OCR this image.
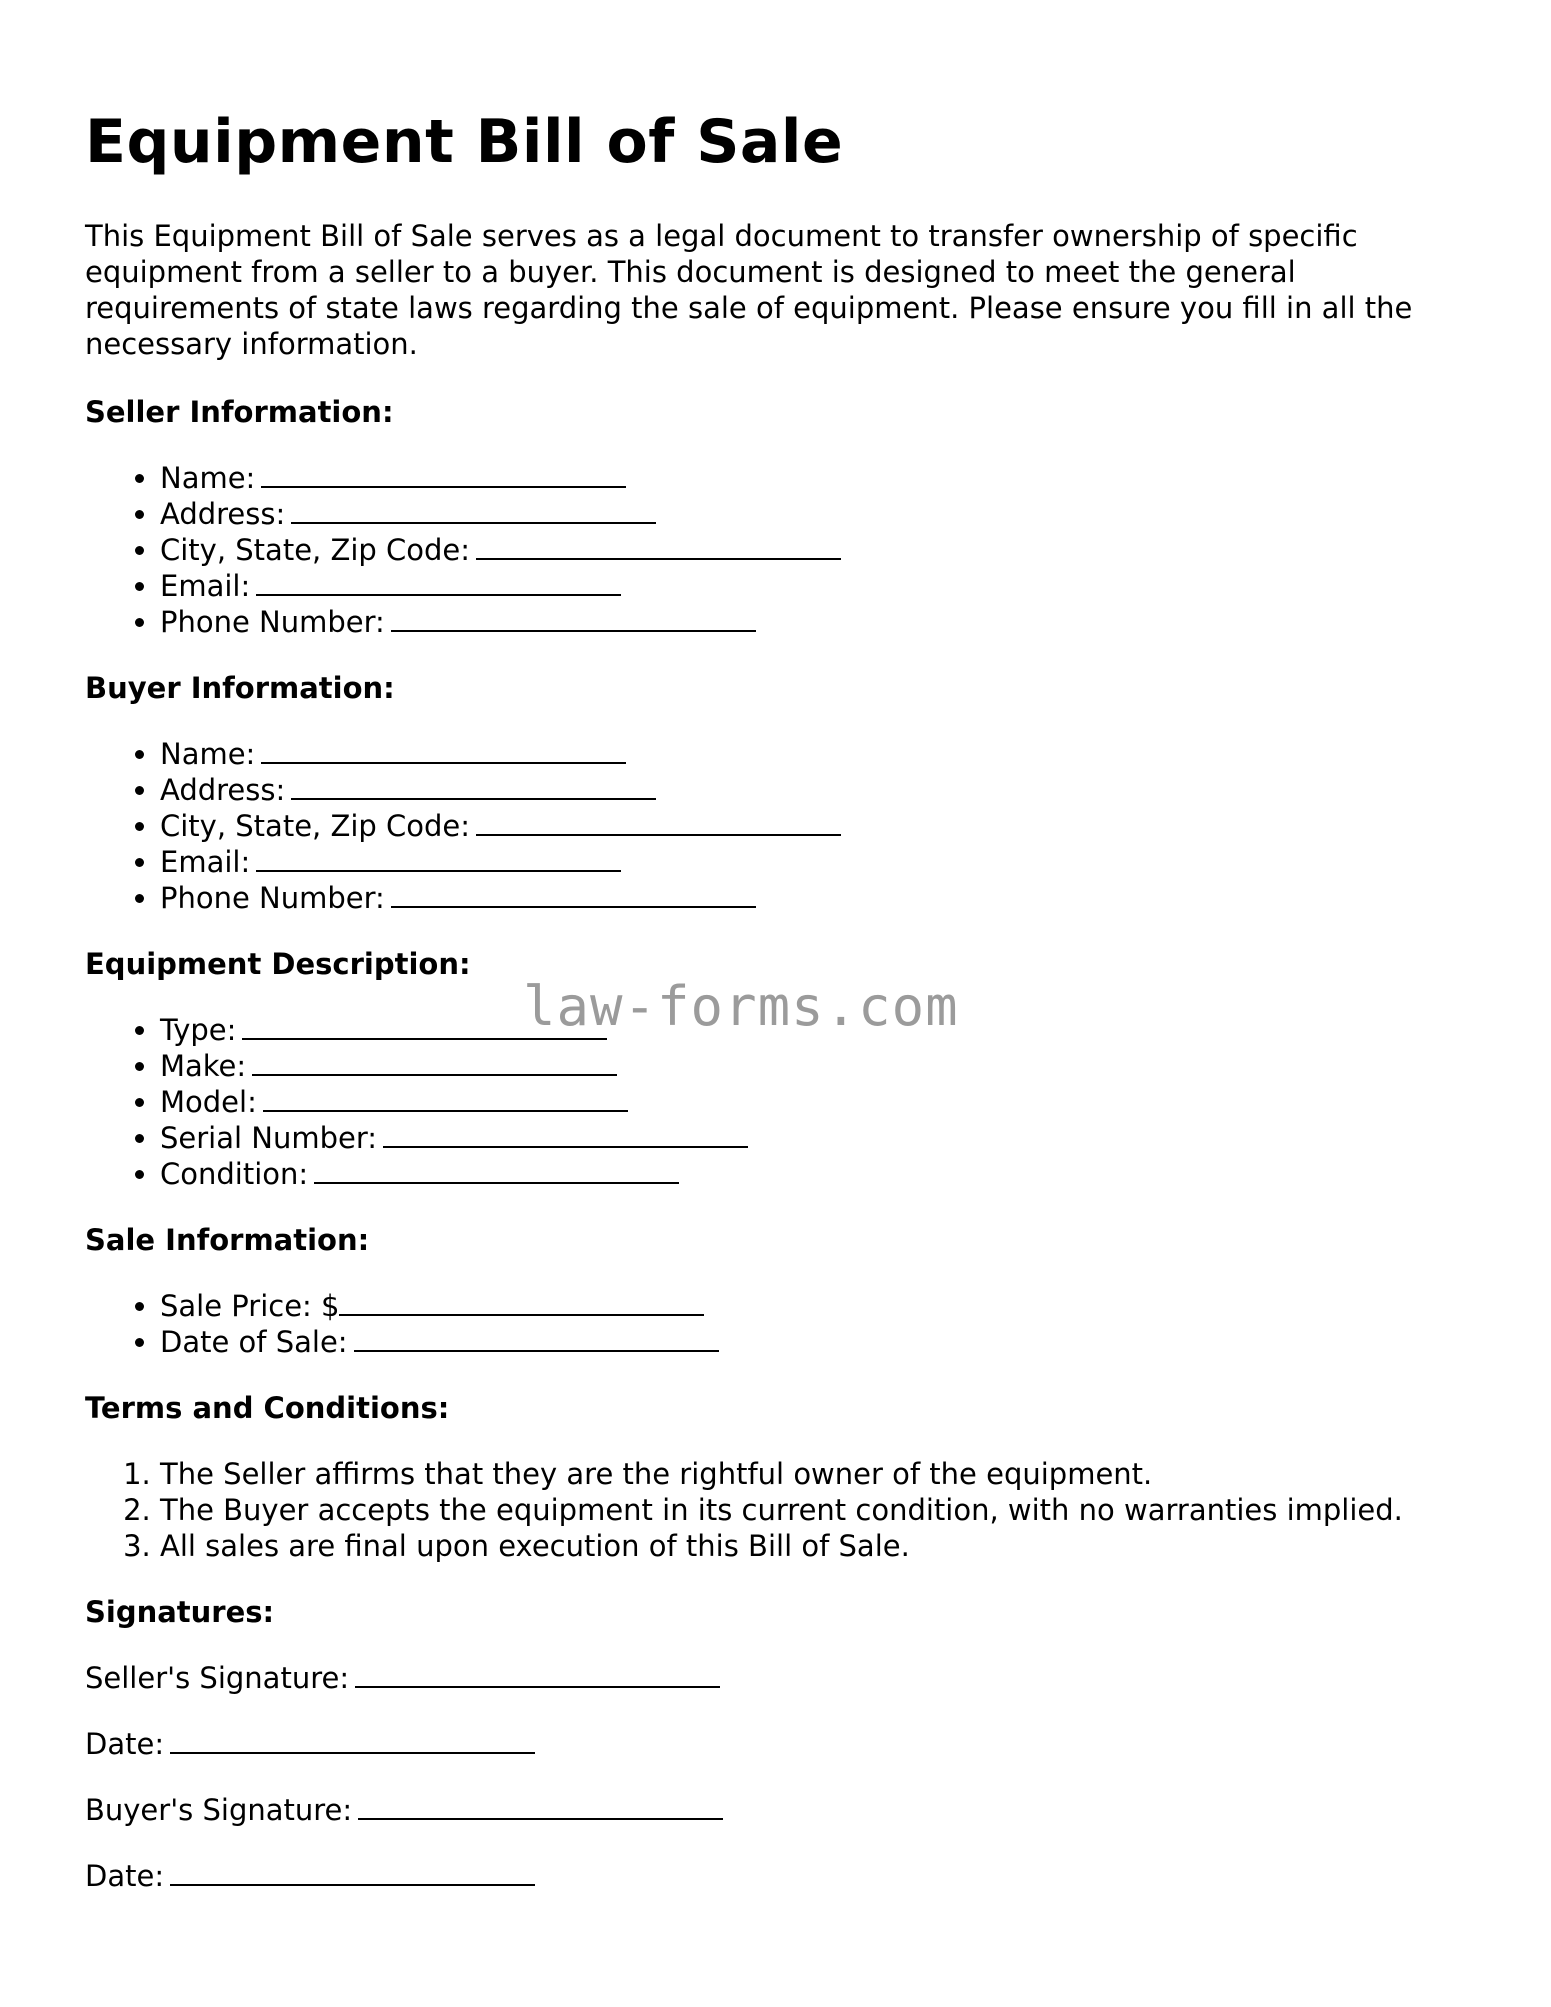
Equipment Bill of Sale

This Equipment Bill of Sale serves as a legal document to transfer ownership of specific equipment from a seller to a buyer. This document is designed to meet the general requirements of state laws regarding the sale of equipment. Please ensure you fill in all the necessary information.

Seller Information:
• Name:
• Address:
• City, State, Zip Code:
• Email:
• Phone Number:
Buyer Information:
• Name:
• Address:
• City, State, Zip Code:
• Email:
• Phone Number:
Equipment Description:
• Type:
• Make:
• Model:
• Serial Number:
• Condition:
Sale Information:
• Sale Price: $
• Date of Sale:
Terms and Conditions:
1. The Seller affirms that they are the rightful owner of the equipment.
2. The Buyer accepts the equipment in its current condition, with no warranties implied.
3. All sales are final upon execution of this Bill of Sale.
Signatures:
Seller's Signature:
Date:
Buyer's Signature:
Date:
law-forms.com
